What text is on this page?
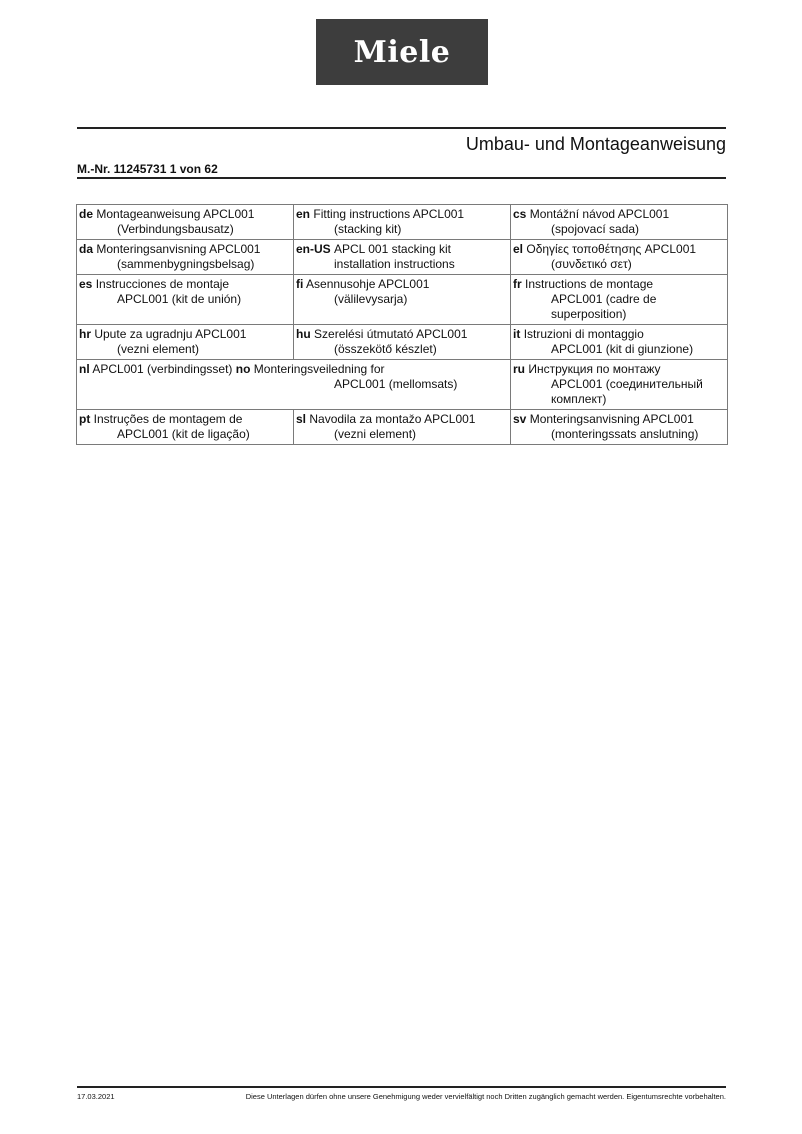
Miele
Umbau- und Montageanweisung
M.-Nr. 11245731 1 von 62
de Montageanweisung APCL001
(Verbindungsbausatz)	en Fitting instructions APCL001
(stacking kit)	cs Montážní návod APCL001
(spojovací sada)

da Monteringsanvisning APCL001
(sammenbygningsbelsag)	en-US APCL 001 stacking kit
installation instructions	el Οδηγίες τοποθέτησης APCL001
(συνδετικό σετ)

es Instrucciones de montaje
APCL001 (kit de unión)	fi Asennusohje APCL001
(välilevysarja)	fr Instructions de montage
APCL001 (cadre de
superposition)

hr Upute za ugradnju APCL001
(vezni element)	hu Szerelési útmutató APCL001
(összekötő készlet)	it Istruzioni di montaggio
APCL001 (kit di giunzione)

nl APCL001 (verbindingsset) no Monteringsveiledning for
APCL001 (mellomsats)		ru Инструкция по монтажу
APCL001 (соединительный
комплект)

pt Instruções de montagem de
APCL001 (kit de ligação)	sl Navodila za montažo APCL001
(vezni element)	sv Monteringsanvisning APCL001
(monteringssats anslutning)
17.03.2021	Diese Unterlagen dürfen ohne unsere Genehmigung weder vervielfältigt noch Dritten zugänglich gemacht werden. Eigentumsrechte vorbehalten.
